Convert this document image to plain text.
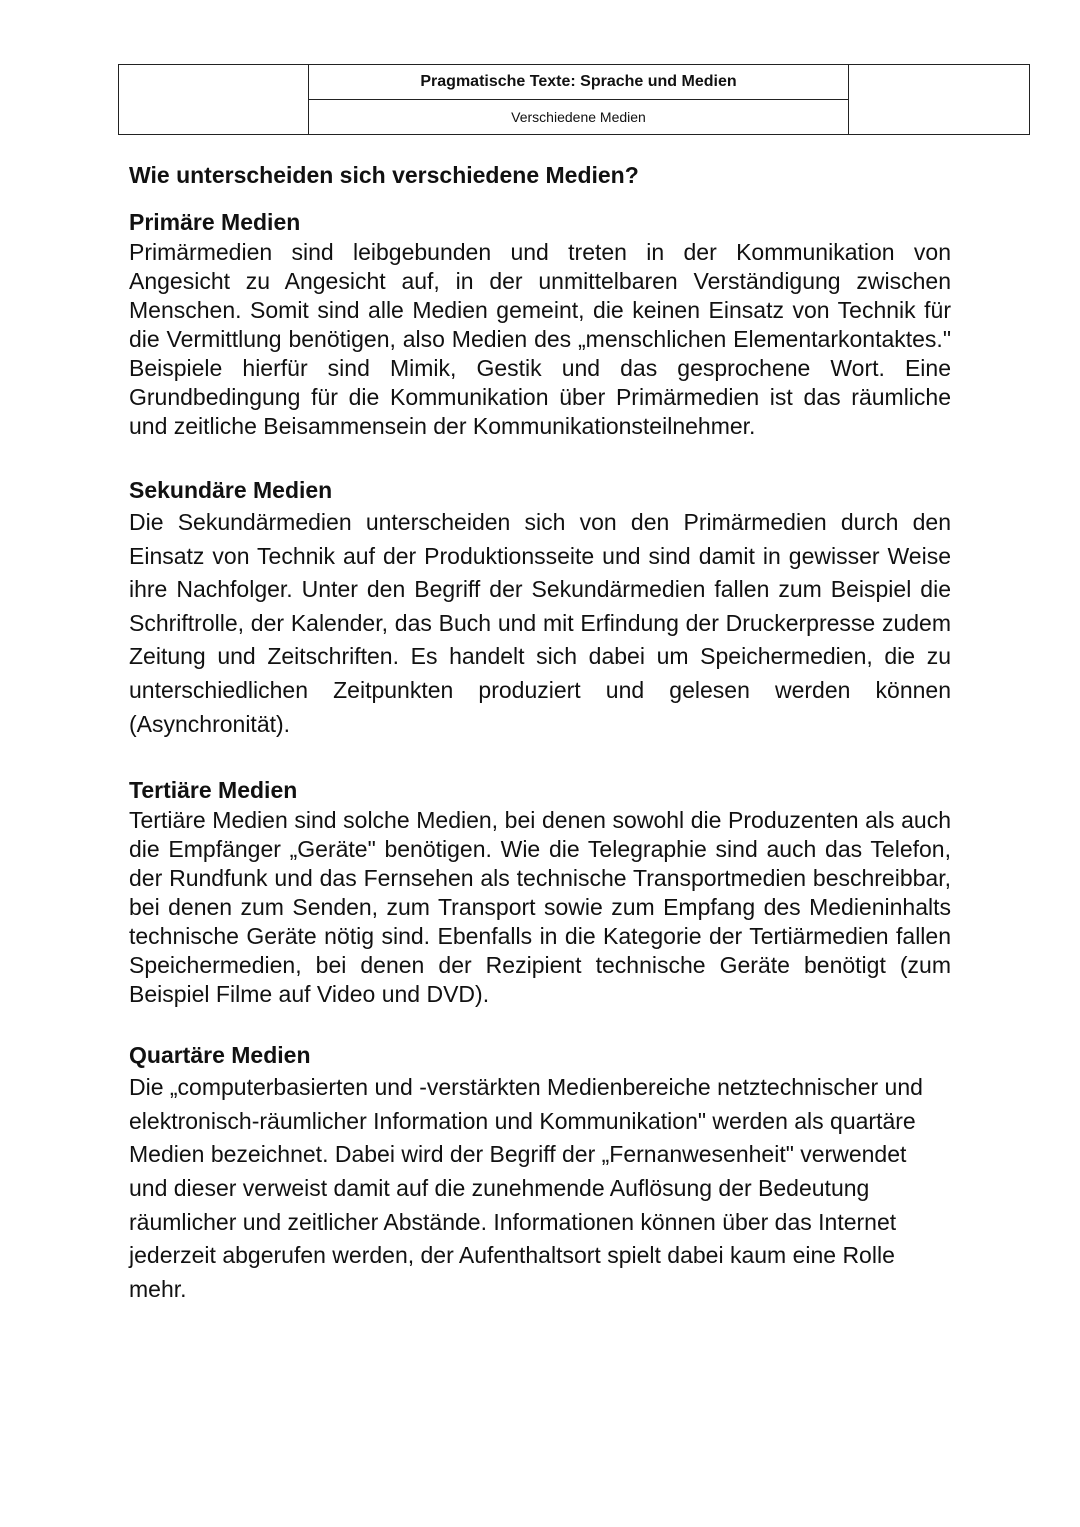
	Pragmatische Texte: Sprache und Medien	
Verschiedene Medien
Wie unterscheiden sich verschiedene Medien?
Primäre Medien

Primärmedien sind leibgebunden und treten in der Kommunikation von Angesicht zu Angesicht auf, in der unmittelbaren Verständigung zwischen Menschen. Somit sind alle Medien gemeint, die keinen Einsatz von Technik für die Vermittlung benötigen, also Medien des „menschlichen Elementarkontaktes." Beispiele hierfür sind Mimik, Gestik und das gesprochene Wort. Eine Grundbedingung für die Kommunikation über Primärmedien ist das räumliche und zeitliche Beisammensein der Kommunikationsteilnehmer.

Sekundäre Medien

Die Sekundärmedien unterscheiden sich von den Primärmedien durch den Einsatz von Technik auf der Produktionsseite und sind damit in gewisser Weise ihre Nachfolger. Unter den Begriff der Sekundärmedien fallen zum Beispiel die Schriftrolle, der Kalender, das Buch und mit Erfindung der Druckerpresse zudem Zeitung und Zeitschriften. Es handelt sich dabei um Speichermedien, die zu unterschiedlichen Zeitpunkten produziert und gelesen werden können (Asynchronität).

Tertiäre Medien

Tertiäre Medien sind solche Medien, bei denen sowohl die Produzenten als auch die Empfänger „Geräte" benötigen. Wie die Telegraphie sind auch das Telefon, der Rundfunk und das Fernsehen als technische Transportmedien beschreibbar, bei denen zum Senden, zum Transport sowie zum Empfang des Medieninhalts technische Geräte nötig sind. Ebenfalls in die Kategorie der Tertiärmedien fallen Speichermedien, bei denen der Rezipient technische Geräte benötigt (zum Beispiel Filme auf Video und DVD).

Quartäre Medien

Die „computerbasierten und -verstärkten Medienbereiche netztechnischer und elektronisch-räumlicher Information und Kommunikation" werden als quartäre Medien bezeichnet. Dabei wird der Begriff der „Fernanwesenheit" verwendet und dieser verweist damit auf die zunehmende Auflösung der Bedeutung räumlicher und zeitlicher Abstände. Informationen können über das Internet jederzeit abgerufen werden, der Aufenthaltsort spielt dabei kaum eine Rolle mehr.
